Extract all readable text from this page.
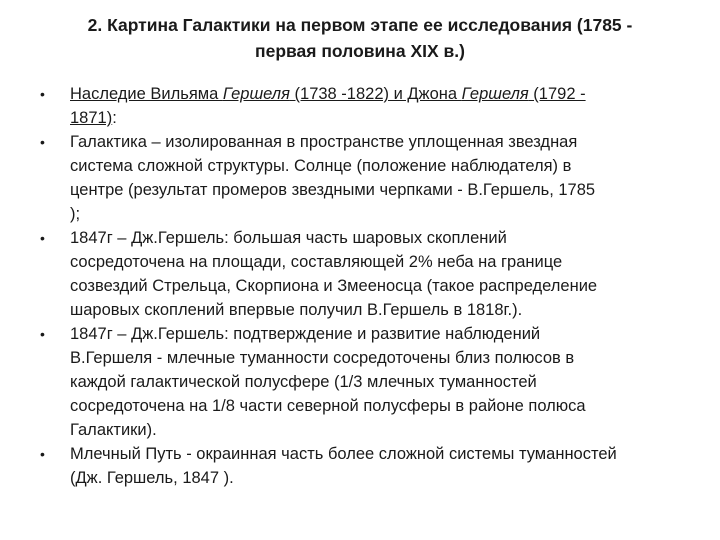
2. Картина Галактики на первом этапе ее исследования (1785 -
первая половина XIX в.)
• Наследие Вильяма Гершеля (1738 -1822) и Джона Гершеля (1792 -
1871):
• Галактика – изолированная в пространстве уплощенная звездная
система сложной структуры. Солнце (положение наблюдателя) в
центре (результат промеров звездными черпками - В.Гершель, 1785
);
• 1847г – Дж.Гершель: большая часть шаровых скоплений
сосредоточена на площади, составляющей 2% неба на границе
созвездий Стрельца, Скорпиона и Змееносца (такое распределение
шаровых скоплений впервые получил В.Гершель в 1818г.).
• 1847г – Дж.Гершель: подтверждение и развитие наблюдений
В.Гершеля - млечные туманности сосредоточены близ полюсов в
каждой галактической полусфере (1/3 млечных туманностей
сосредоточена на 1/8 части северной полусферы в районе полюса
Галактики).
• Млечный Путь - окраинная часть более сложной системы туманностей
(Дж. Гершель, 1847 ).
